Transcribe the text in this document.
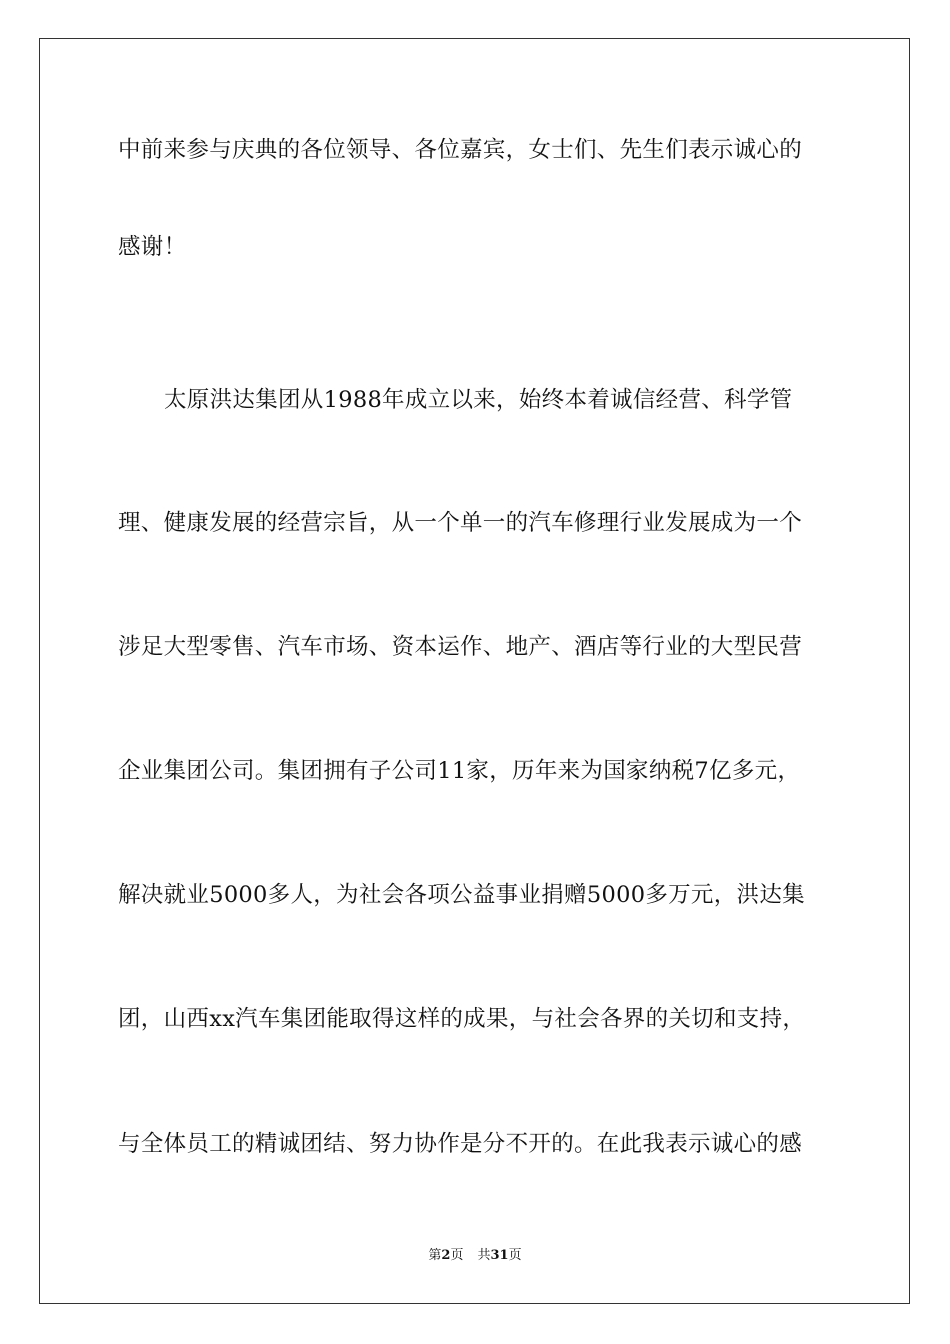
中前来参与庆典的各位领导、各位嘉宾，女士们、先生们表示诚心的
感谢！
太原洪达集团从1988年成立以来，始终本着诚信经营、科学管
理、健康发展的经营宗旨，从一个单一的汽车修理行业发展成为一个
涉足大型零售、汽车市场、资本运作、地产、酒店等行业的大型民营
企业集团公司。集团拥有子公司11家，历年来为国家纳税7亿多元，
解决就业5000多人，为社会各项公益事业捐赠5000多万元，洪达集
团，山西xx汽车集团能取得这样的成果，与社会各界的关切和支持，
与全体员工的精诚团结、努力协作是分不开的。在此我表示诚心的感
第2页 共31页
